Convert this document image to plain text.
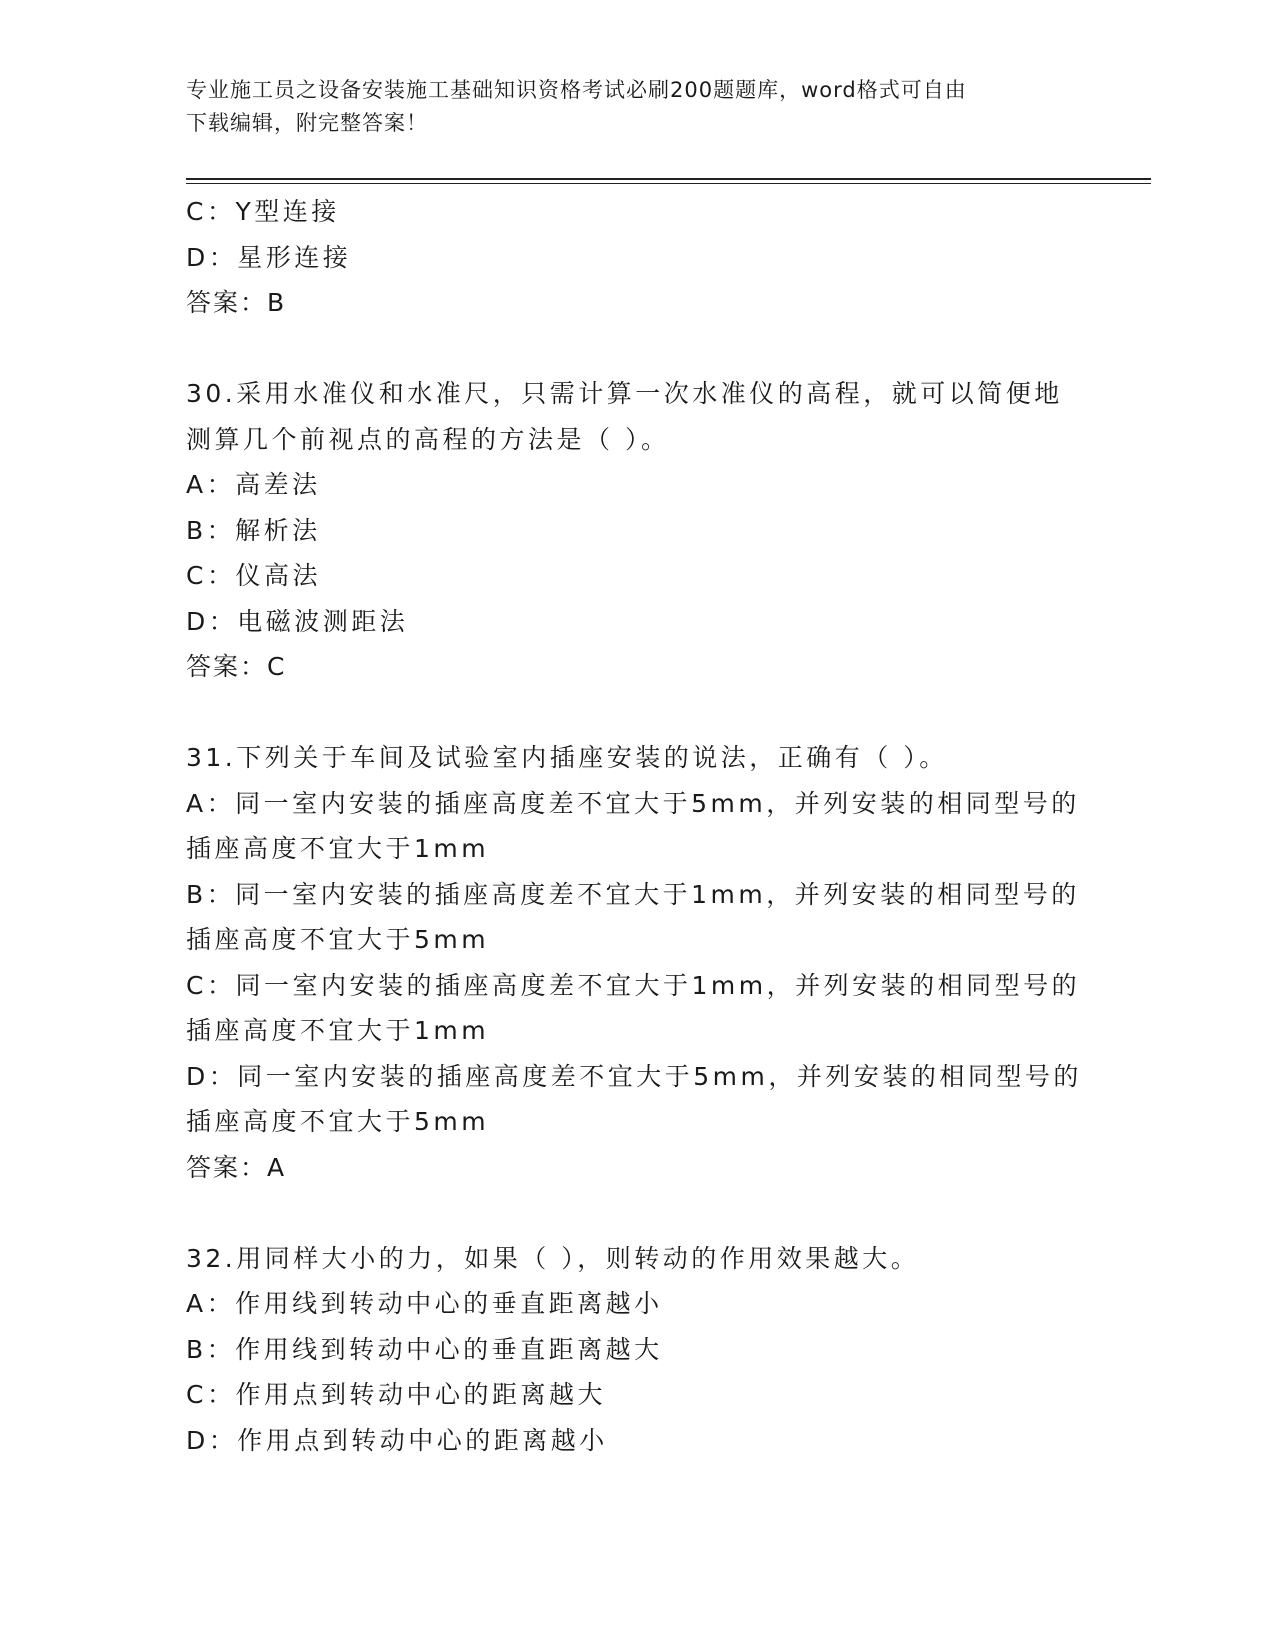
专业施工员之设备安装施工基础知识资格考试必刷200题题库，word格式可自由
下载编辑，附完整答案！
C：Y型连接
D：星形连接
答案：B
30.采用水准仪和水准尺，只需计算一次水准仪的高程，就可以简便地
测算几个前视点的高程的方法是（ ）。
A：高差法
B：解析法
C：仪高法
D：电磁波测距法
答案：C
31.下列关于车间及试验室内插座安装的说法，正确有（ ）。
A：同一室内安装的插座高度差不宜大于5mm，并列安装的相同型号的
插座高度不宜大于1mm
B：同一室内安装的插座高度差不宜大于1mm，并列安装的相同型号的
插座高度不宜大于5mm
C：同一室内安装的插座高度差不宜大于1mm，并列安装的相同型号的
插座高度不宜大于1mm
D：同一室内安装的插座高度差不宜大于5mm，并列安装的相同型号的
插座高度不宜大于5mm
答案：A
32.用同样大小的力，如果（ ），则转动的作用效果越大。
A：作用线到转动中心的垂直距离越小
B：作用线到转动中心的垂直距离越大
C：作用点到转动中心的距离越大
D：作用点到转动中心的距离越小
